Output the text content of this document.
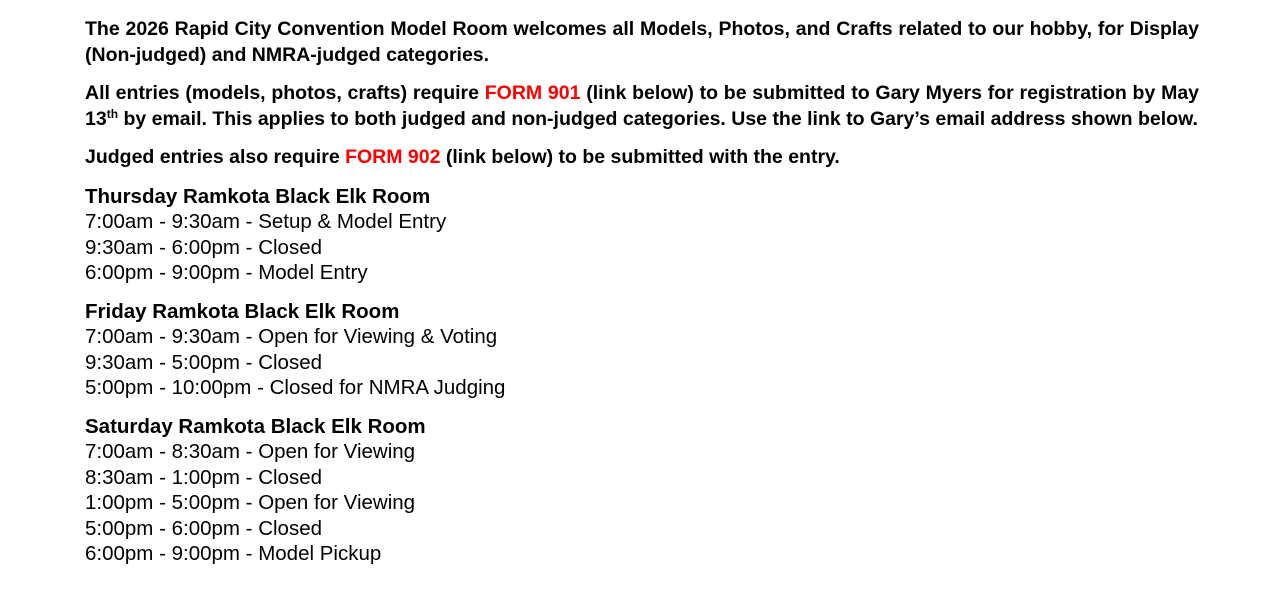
The 2026 Rapid City Convention Model Room welcomes all Models, Photos, and Crafts related to our hobby, for Display (Non-judged) and NMRA-judged categories.

All entries (models, photos, crafts) require FORM 901 (link below) to be submitted to Gary Myers for registration by May 13th by email. This applies to both judged and non-judged categories. Use the link to Gary’s email address shown below.

Judged entries also require FORM 902 (link below) to be submitted with the entry.

Thursday Ramkota Black Elk Room

7:00am - 9:30am - Setup & Model Entry

9:30am - 6:00pm - Closed

6:00pm - 9:00pm - Model Entry

Friday Ramkota Black Elk Room

7:00am - 9:30am - Open for Viewing & Voting

9:30am - 5:00pm - Closed

5:00pm - 10:00pm - Closed for NMRA Judging

Saturday Ramkota Black Elk Room

7:00am - 8:30am - Open for Viewing

8:30am - 1:00pm - Closed

1:00pm - 5:00pm - Open for Viewing

5:00pm - 6:00pm - Closed

6:00pm - 9:00pm - Model Pickup
